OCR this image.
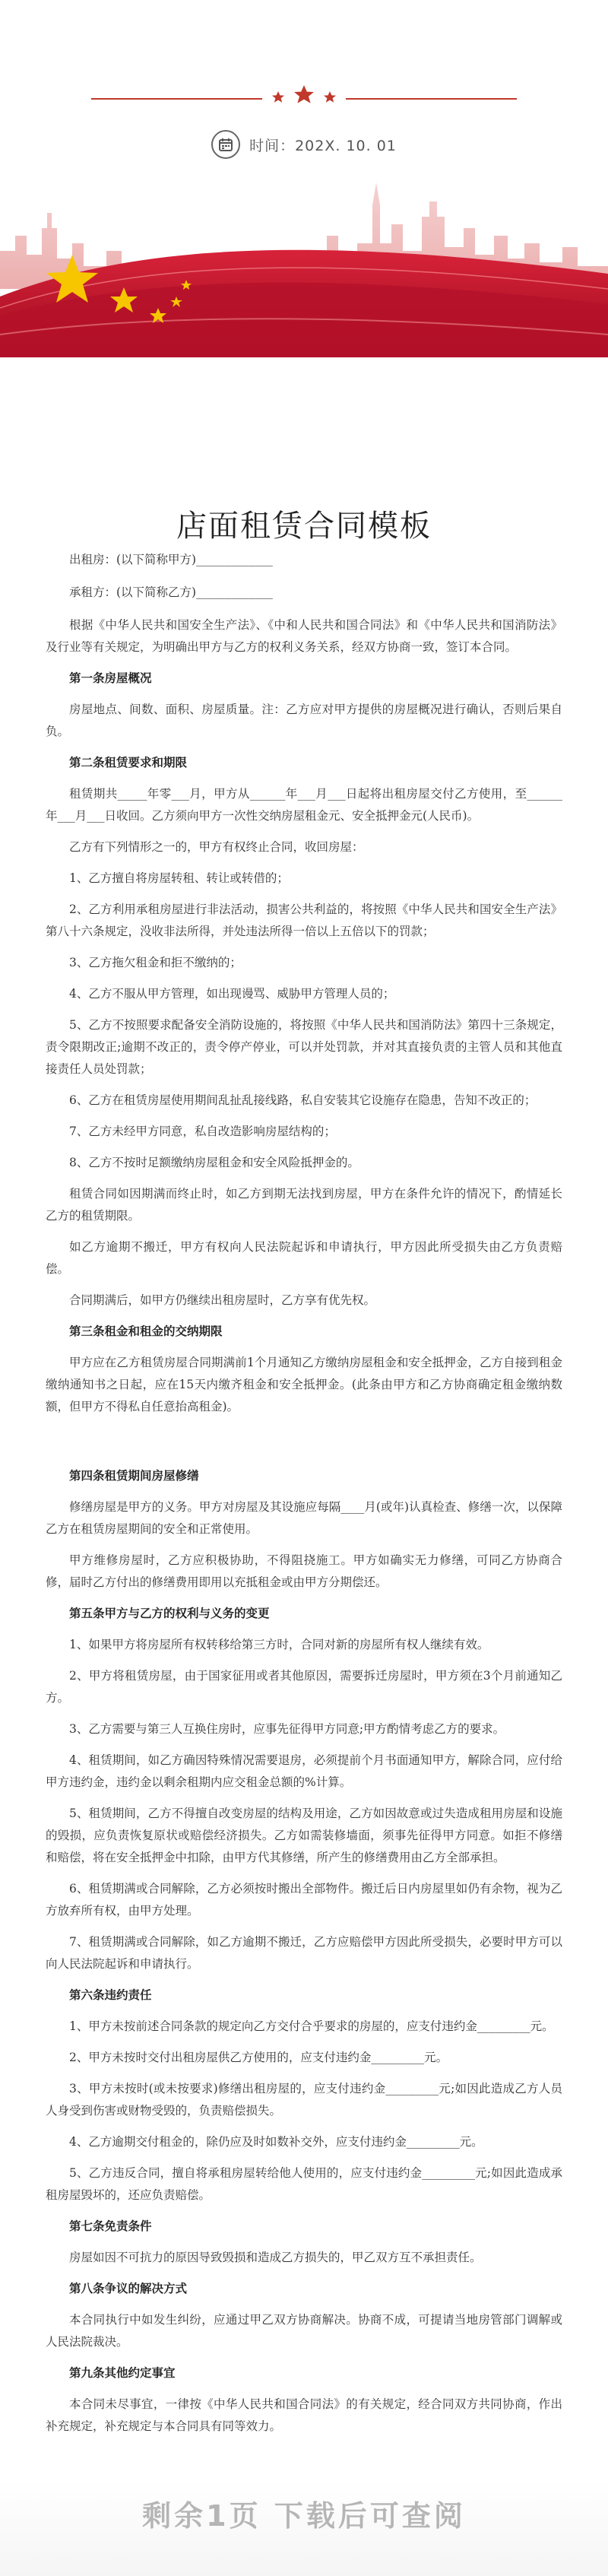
时间：202X. 10. 01
店面租赁合同模板

出租房：(以下简称甲方)_____________

承租方：(以下简称乙方)_____________

根据《中华人民共和国安全生产法》、《中和人民共和国合同法》和《中华人民共和国消防法》及行业等有关规定，为明确出甲方与乙方的权利义务关系，经双方协商一致，签订本合同。

第一条房屋概况

房屋地点、间数、面积、房屋质量。注：乙方应对甲方提供的房屋概况进行确认，否则后果自负。

第二条租赁要求和期限

租赁期共_____年零___月，甲方从______年___月___日起将出租房屋交付乙方使用，至______年___月___日收回。乙方须向甲方一次性交纳房屋租金元、安全抵押金元(人民币)。

乙方有下列情形之一的，甲方有权终止合同，收回房屋：

1、乙方擅自将房屋转租、转让或转借的；

2、乙方利用承租房屋进行非法活动，损害公共利益的，将按照《中华人民共和国安全生产法》第八十六条规定，没收非法所得，并处违法所得一倍以上五倍以下的罚款；

3、乙方拖欠租金和拒不缴纳的；

4、乙方不服从甲方管理，如出现谩骂、威胁甲方管理人员的；

5、乙方不按照要求配备安全消防设施的，将按照《中华人民共和国消防法》第四十三条规定，责令限期改正;逾期不改正的，责令停产停业，可以并处罚款，并对其直接负责的主管人员和其他直接责任人员处罚款；

6、乙方在租赁房屋使用期间乱扯乱接线路，私自安装其它设施存在隐患，告知不改正的；

7、乙方未经甲方同意，私自改造影响房屋结构的；

8、乙方不按时足额缴纳房屋租金和安全风险抵押金的。

租赁合同如因期满而终止时，如乙方到期无法找到房屋，甲方在条件允许的情况下，酌情延长乙方的租赁期限。

如乙方逾期不搬迁，甲方有权向人民法院起诉和申请执行，甲方因此所受损失由乙方负责赔偿。

合同期满后，如甲方仍继续出租房屋时，乙方享有优先权。

第三条租金和租金的交纳期限

甲方应在乙方租赁房屋合同期满前1个月通知乙方缴纳房屋租金和安全抵押金，乙方自接到租金缴纳通知书之日起，应在15天内缴齐租金和安全抵押金。(此条由甲方和乙方协商确定租金缴纳数额，但甲方不得私自任意抬高租金)。

第四条租赁期间房屋修缮

修缮房屋是甲方的义务。甲方对房屋及其设施应每隔____月(或年)认真检查、修缮一次，以保障乙方在租赁房屋期间的安全和正常使用。

甲方维修房屋时，乙方应积极协助，不得阻挠施工。甲方如确实无力修缮，可同乙方协商合修，届时乙方付出的修缮费用即用以充抵租金或由甲方分期偿还。

第五条甲方与乙方的权利与义务的变更

1、如果甲方将房屋所有权转移给第三方时，合同对新的房屋所有权人继续有效。

2、甲方将租赁房屋，由于国家征用或者其他原因，需要拆迁房屋时，甲方须在3个月前通知乙方。

3、乙方需要与第三人互换住房时，应事先征得甲方同意;甲方酌情考虑乙方的要求。

4、租赁期间，如乙方确因特殊情况需要退房，必须提前个月书面通知甲方，解除合同，应付给甲方违约金，违约金以剩余租期内应交租金总额的%计算。

5、租赁期间，乙方不得擅自改变房屋的结构及用途，乙方如因故意或过失造成租用房屋和设施的毁损，应负责恢复原状或赔偿经济损失。乙方如需装修墙面，须事先征得甲方同意。如拒不修缮和赔偿，将在安全抵押金中扣除，由甲方代其修缮，所产生的修缮费用由乙方全部承担。

6、租赁期满或合同解除，乙方必须按时搬出全部物件。搬迁后日内房屋里如仍有余物，视为乙方放弃所有权，由甲方处理。

7、租赁期满或合同解除，如乙方逾期不搬迁，乙方应赔偿甲方因此所受损失，必要时甲方可以向人民法院起诉和申请执行。

第六条违约责任

1、甲方未按前述合同条款的规定向乙方交付合乎要求的房屋的，应支付违约金_________元。

2、甲方未按时交付出租房屋供乙方使用的，应支付违约金_________元。

3、甲方未按时(或未按要求)修缮出租房屋的，应支付违约金_________元;如因此造成乙方人员人身受到伤害或财物受毁的，负责赔偿损失。

4、乙方逾期交付租金的，除仍应及时如数补交外，应支付违约金_________元。

5、乙方违反合同，擅自将承租房屋转给他人使用的，应支付违约金_________元;如因此造成承租房屋毁坏的，还应负责赔偿。

第七条免责条件

房屋如因不可抗力的原因导致毁损和造成乙方损失的，甲乙双方互不承担责任。

第八条争议的解决方式

本合同执行中如发生纠纷，应通过甲乙双方协商解决。协商不成，可提请当地房管部门调解或人民法院裁决。

第九条其他约定事宜

本合同未尽事宜，一律按《中华人民共和国合同法》的有关规定，经合同双方共同协商，作出补充规定，补充规定与本合同具有同等效力。

剩余1页 下载后可查阅
